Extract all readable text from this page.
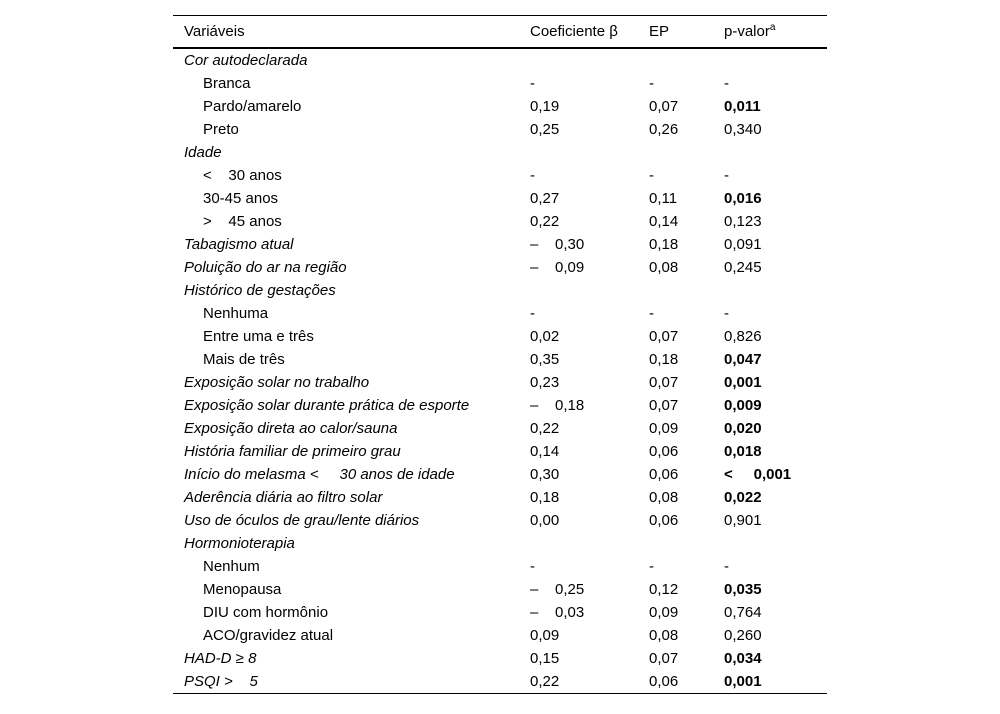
Variáveis	Coeficiente β	EP	p-valor$^a$
Cor autodeclarada			
Branca	-	-	-
Pardo/amarelo	0,19	0,07	0,011
Preto	0,25	0,26	0,340
Idade			
<    30 anos	-	-	-
30-45 anos	0,27	0,11	0,016
>    45 anos	0,22	0,14	0,123
Tabagismo atual	–    0,30	0,18	0,091
Poluição do ar na região	–    0,09	0,08	0,245
Histórico de gestações			
Nenhuma	-	-	-
Entre uma e três	0,02	0,07	0,826
Mais de três	0,35	0,18	0,047
Exposição solar no trabalho	0,23	0,07	0,001
Exposição solar durante prática de esporte	–    0,18	0,07	0,009
Exposição direta ao calor/sauna	0,22	0,09	0,020
História familiar de primeiro grau	0,14	0,06	0,018
Início do melasma <     30 anos de idade	0,30	0,06	<     0,001
Aderência diária ao filtro solar	0,18	0,08	0,022
Uso de óculos de grau/lente diários	0,00	0,06	0,901
Hormonioterapia			
Nenhum	-	-	-
Menopausa	–    0,25	0,12	0,035
DIU com hormônio	–    0,03	0,09	0,764
ACO/gravidez atual	0,09	0,08	0,260
HAD-D ≥ 8	0,15	0,07	0,034
PSQI >    5	0,22	0,06	0,001
